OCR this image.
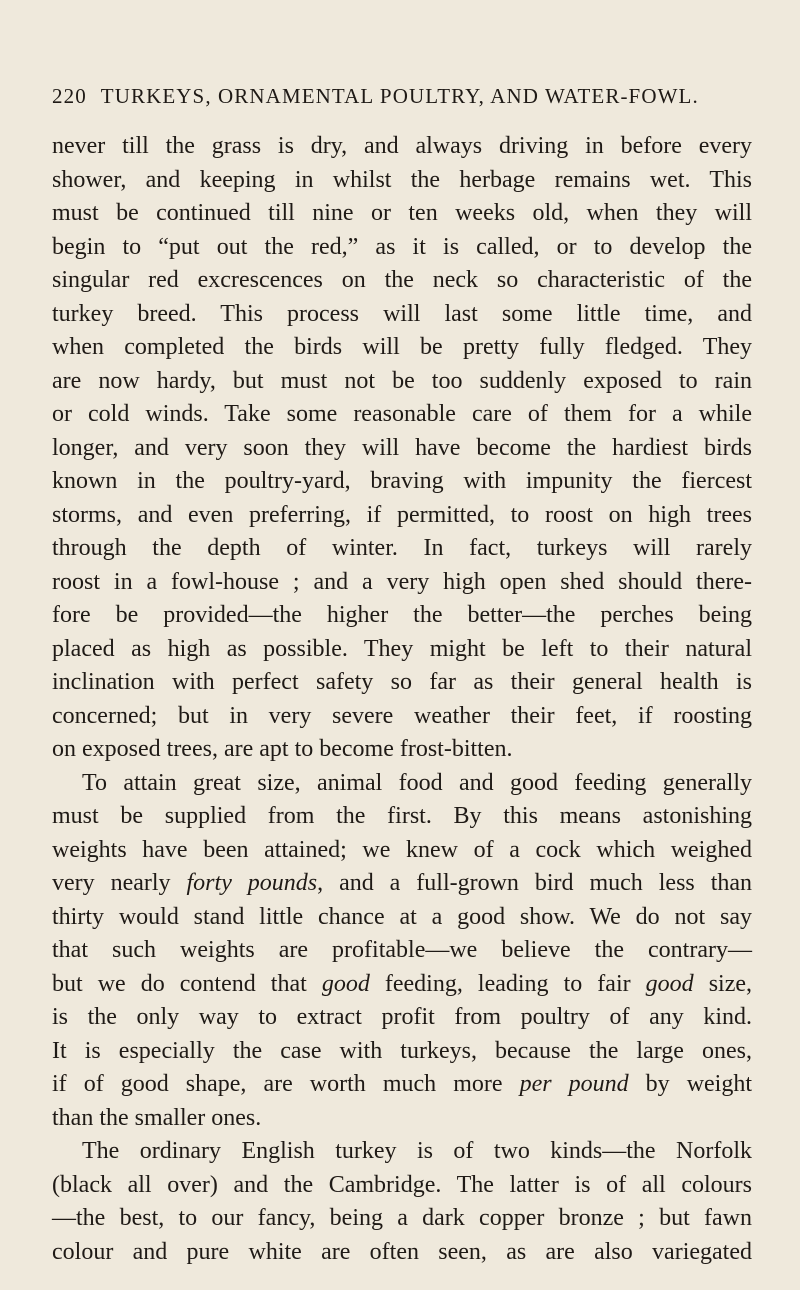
220 TURKEYS, ORNAMENTAL POULTRY, AND WATER-FOWL.
never till the grass is dry, and always driving in before every
shower, and keeping in whilst the herbage remains wet. This
must be continued till nine or ten weeks old, when they will
begin to “put out the red,” as it is called, or to develop the
singular red excrescences on the neck so characteristic of the
turkey breed. This process will last some little time, and
when completed the birds will be pretty fully fledged. They
are now hardy, but must not be too suddenly exposed to rain
or cold winds. Take some reasonable care of them for a while
longer, and very soon they will have become the hardiest birds
known in the poultry-yard, braving with impunity the fiercest
storms, and even preferring, if permitted, to roost on high trees
through the depth of winter. In fact, turkeys will rarely
roost in a fowl-house ; and a very high open shed should there-
fore be provided—the higher the better—the perches being
placed as high as possible. They might be left to their natural
inclination with perfect safety so far as their general health is
concerned; but in very severe weather their feet, if roosting
on exposed trees, are apt to become frost-bitten.
To attain great size, animal food and good feeding generally
must be supplied from the first. By this means astonishing
weights have been attained; we knew of a cock which weighed
very nearly forty pounds, and a full-grown bird much less than
thirty would stand little chance at a good show. We do not say
that such weights are profitable—we believe the contrary—
but we do contend that good feeding, leading to fair good size,
is the only way to extract profit from poultry of any kind.
It is especially the case with turkeys, because the large ones,
if of good shape, are worth much more per pound by weight
than the smaller ones.
The ordinary English turkey is of two kinds—the Norfolk
(black all over) and the Cambridge. The latter is of all colours
—the best, to our fancy, being a dark copper bronze ; but fawn
colour and pure white are often seen, as are also variegated
